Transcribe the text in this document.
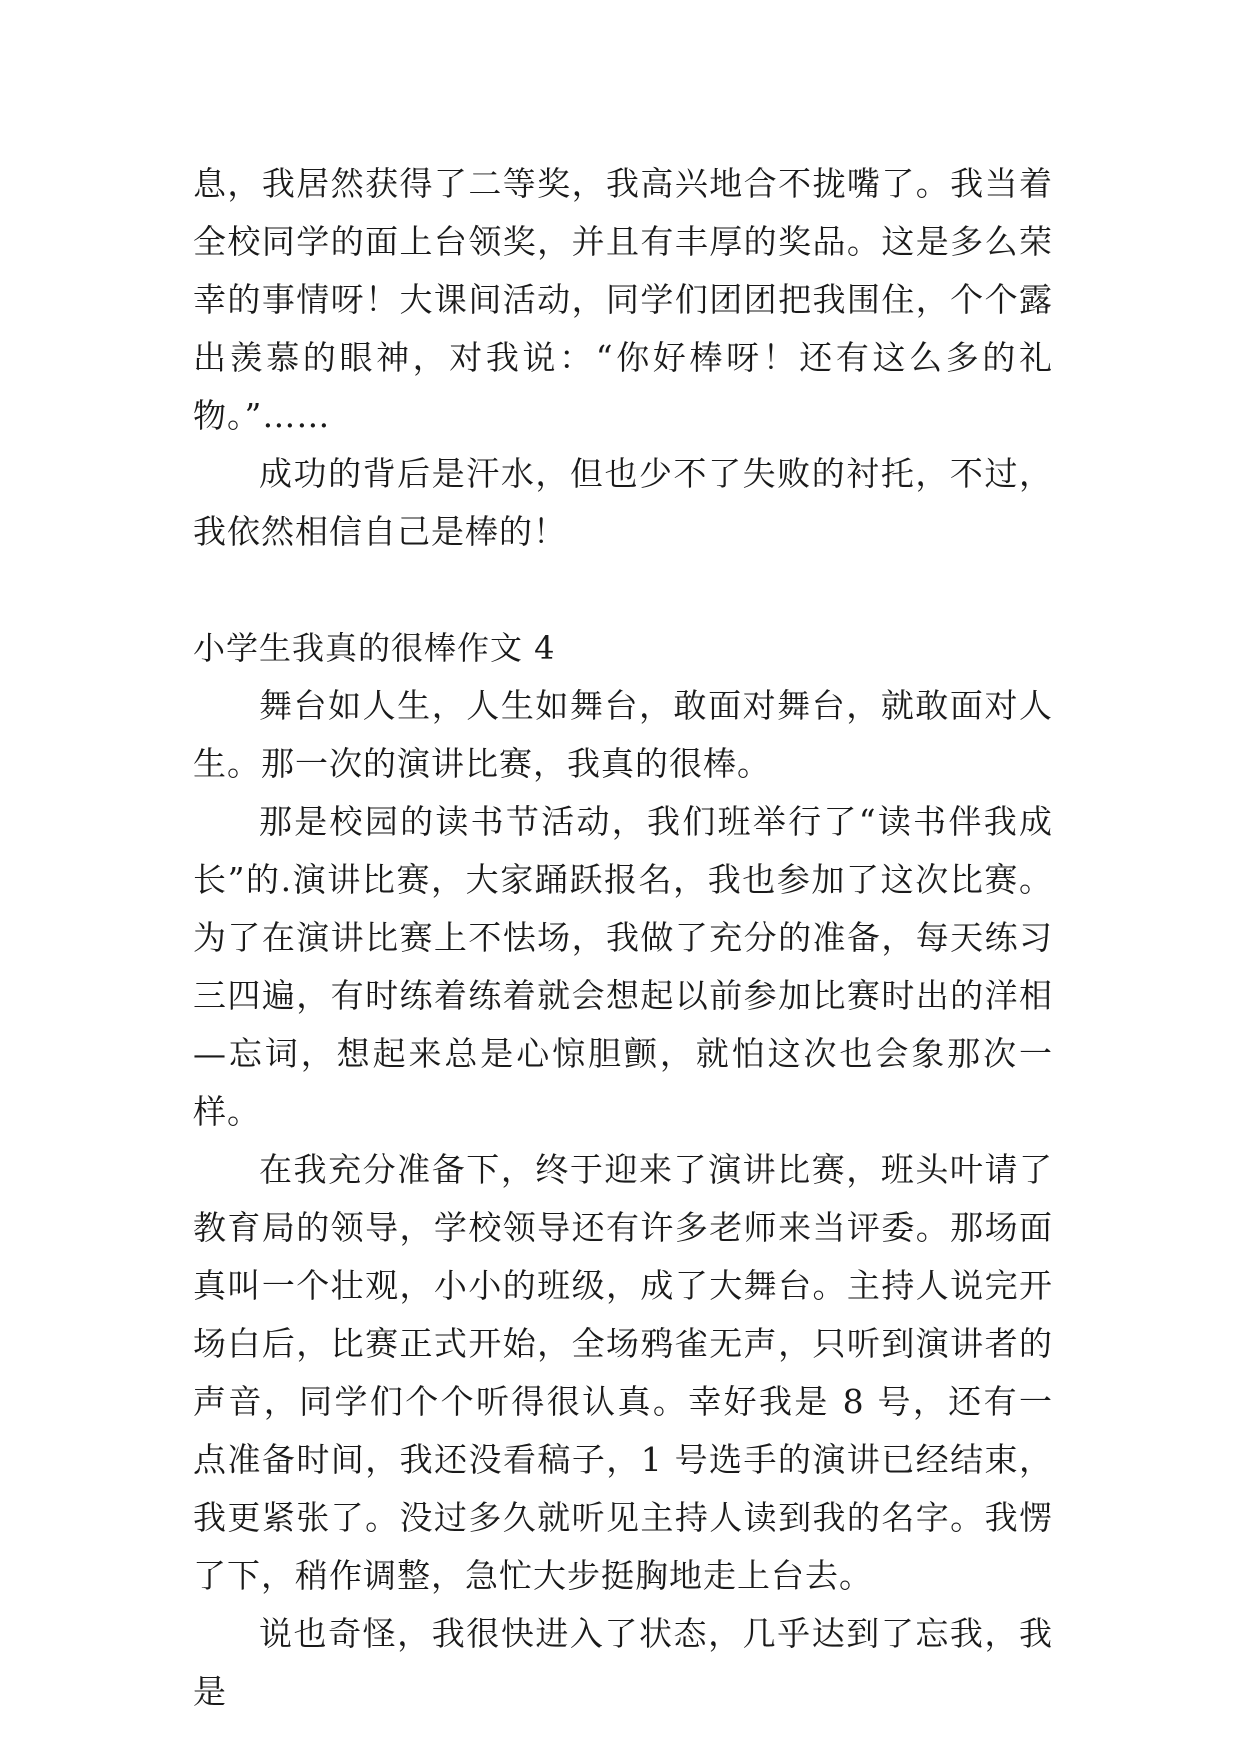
息，我居然获得了二等奖，我高兴地合不拢嘴了。我当着全校同学的面上台领奖，并且有丰厚的奖品。这是多么荣幸的事情呀！大课间活动，同学们团团把我围住，个个露出羡慕的眼神，对我说：“你好棒呀！还有这么多的礼物。”……

成功的背后是汗水，但也少不了失败的衬托，不过，我依然相信自己是棒的！

小学生我真的很棒作文 4

舞台如人生，人生如舞台，敢面对舞台，就敢面对人生。那一次的演讲比赛，我真的很棒。

那是校园的读书节活动，我们班举行了“读书伴我成长”的.演讲比赛，大家踊跃报名，我也参加了这次比赛。为了在演讲比赛上不怯场，我做了充分的准备，每天练习三四遍，有时练着练着就会想起以前参加比赛时出的洋相—忘词，想起来总是心惊胆颤，就怕这次也会象那次一样。

在我充分准备下，终于迎来了演讲比赛，班头叶请了教育局的领导，学校领导还有许多老师来当评委。那场面真叫一个壮观，小小的班级，成了大舞台。主持人说完开场白后，比赛正式开始，全场鸦雀无声，只听到演讲者的声音，同学们个个听得很认真。幸好我是 8 号，还有一点准备时间，我还没看稿子，1 号选手的演讲已经结束，我更紧张了。没过多久就听见主持人读到我的名字。我愣了下，稍作调整，急忙大步挺胸地走上台去。

说也奇怪，我很快进入了状态，几乎达到了忘我，我是
